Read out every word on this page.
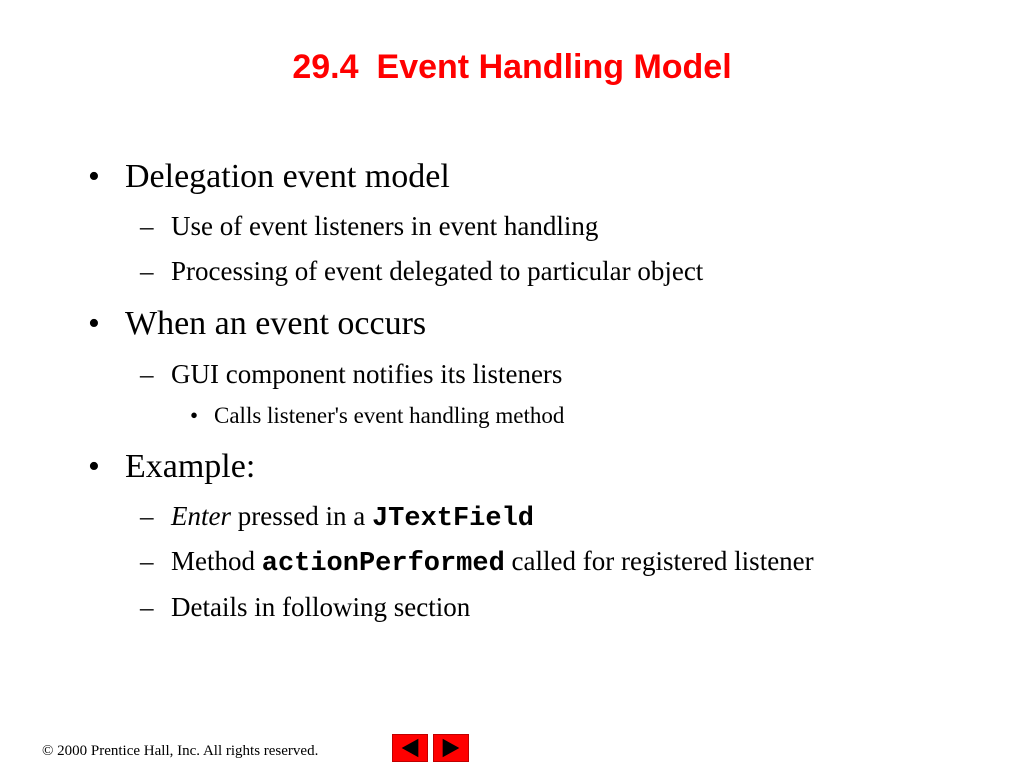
29.4 Event Handling Model
• Delegation event model
– Use of event listeners in event handling
– Processing of event delegated to particular object
• When an event occurs
– GUI component notifies its listeners
• Calls listener's event handling method
• Example:
– Enter pressed in a JTextField
– Method actionPerformed called for registered listener
– Details in following section
© 2000 Prentice Hall, Inc. All rights reserved.
